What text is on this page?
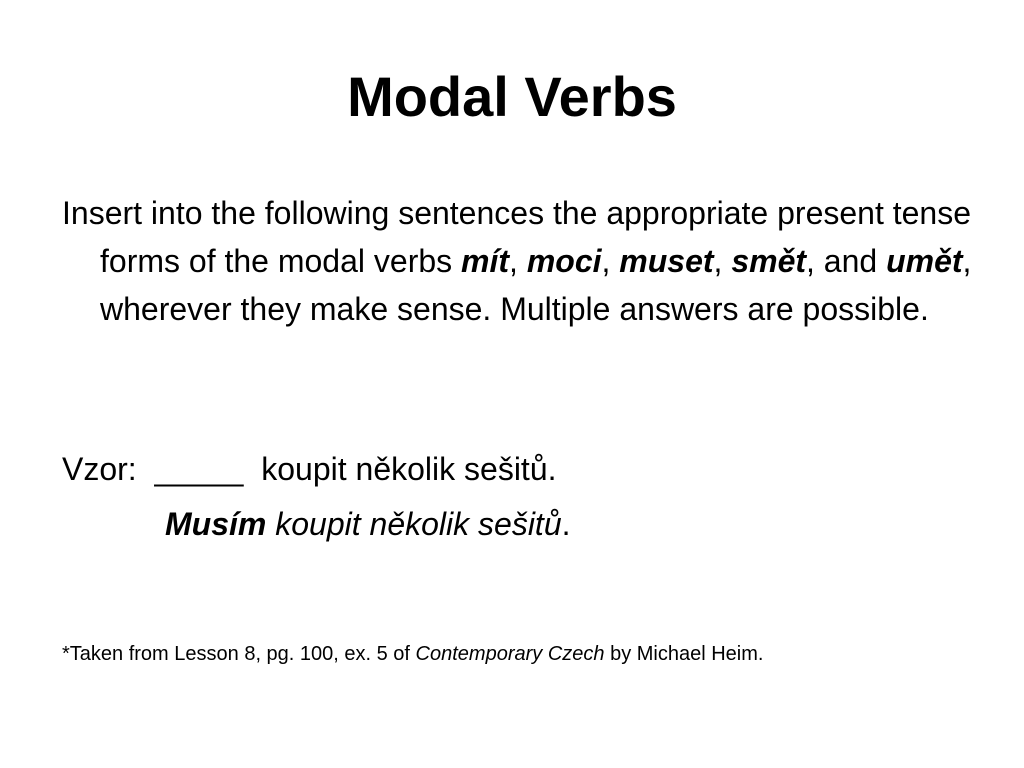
Modal Verbs

Insert into the following sentences the appropriate present tense forms of the modal verbs mít, moci, muset, smět, and umět, wherever they make sense. Multiple answers are possible.

Vzor:  _____  koupit několik sešitů.

Musím koupit několik sešitů.

*Taken from Lesson 8, pg. 100, ex. 5 of Contemporary Czech by Michael Heim.
